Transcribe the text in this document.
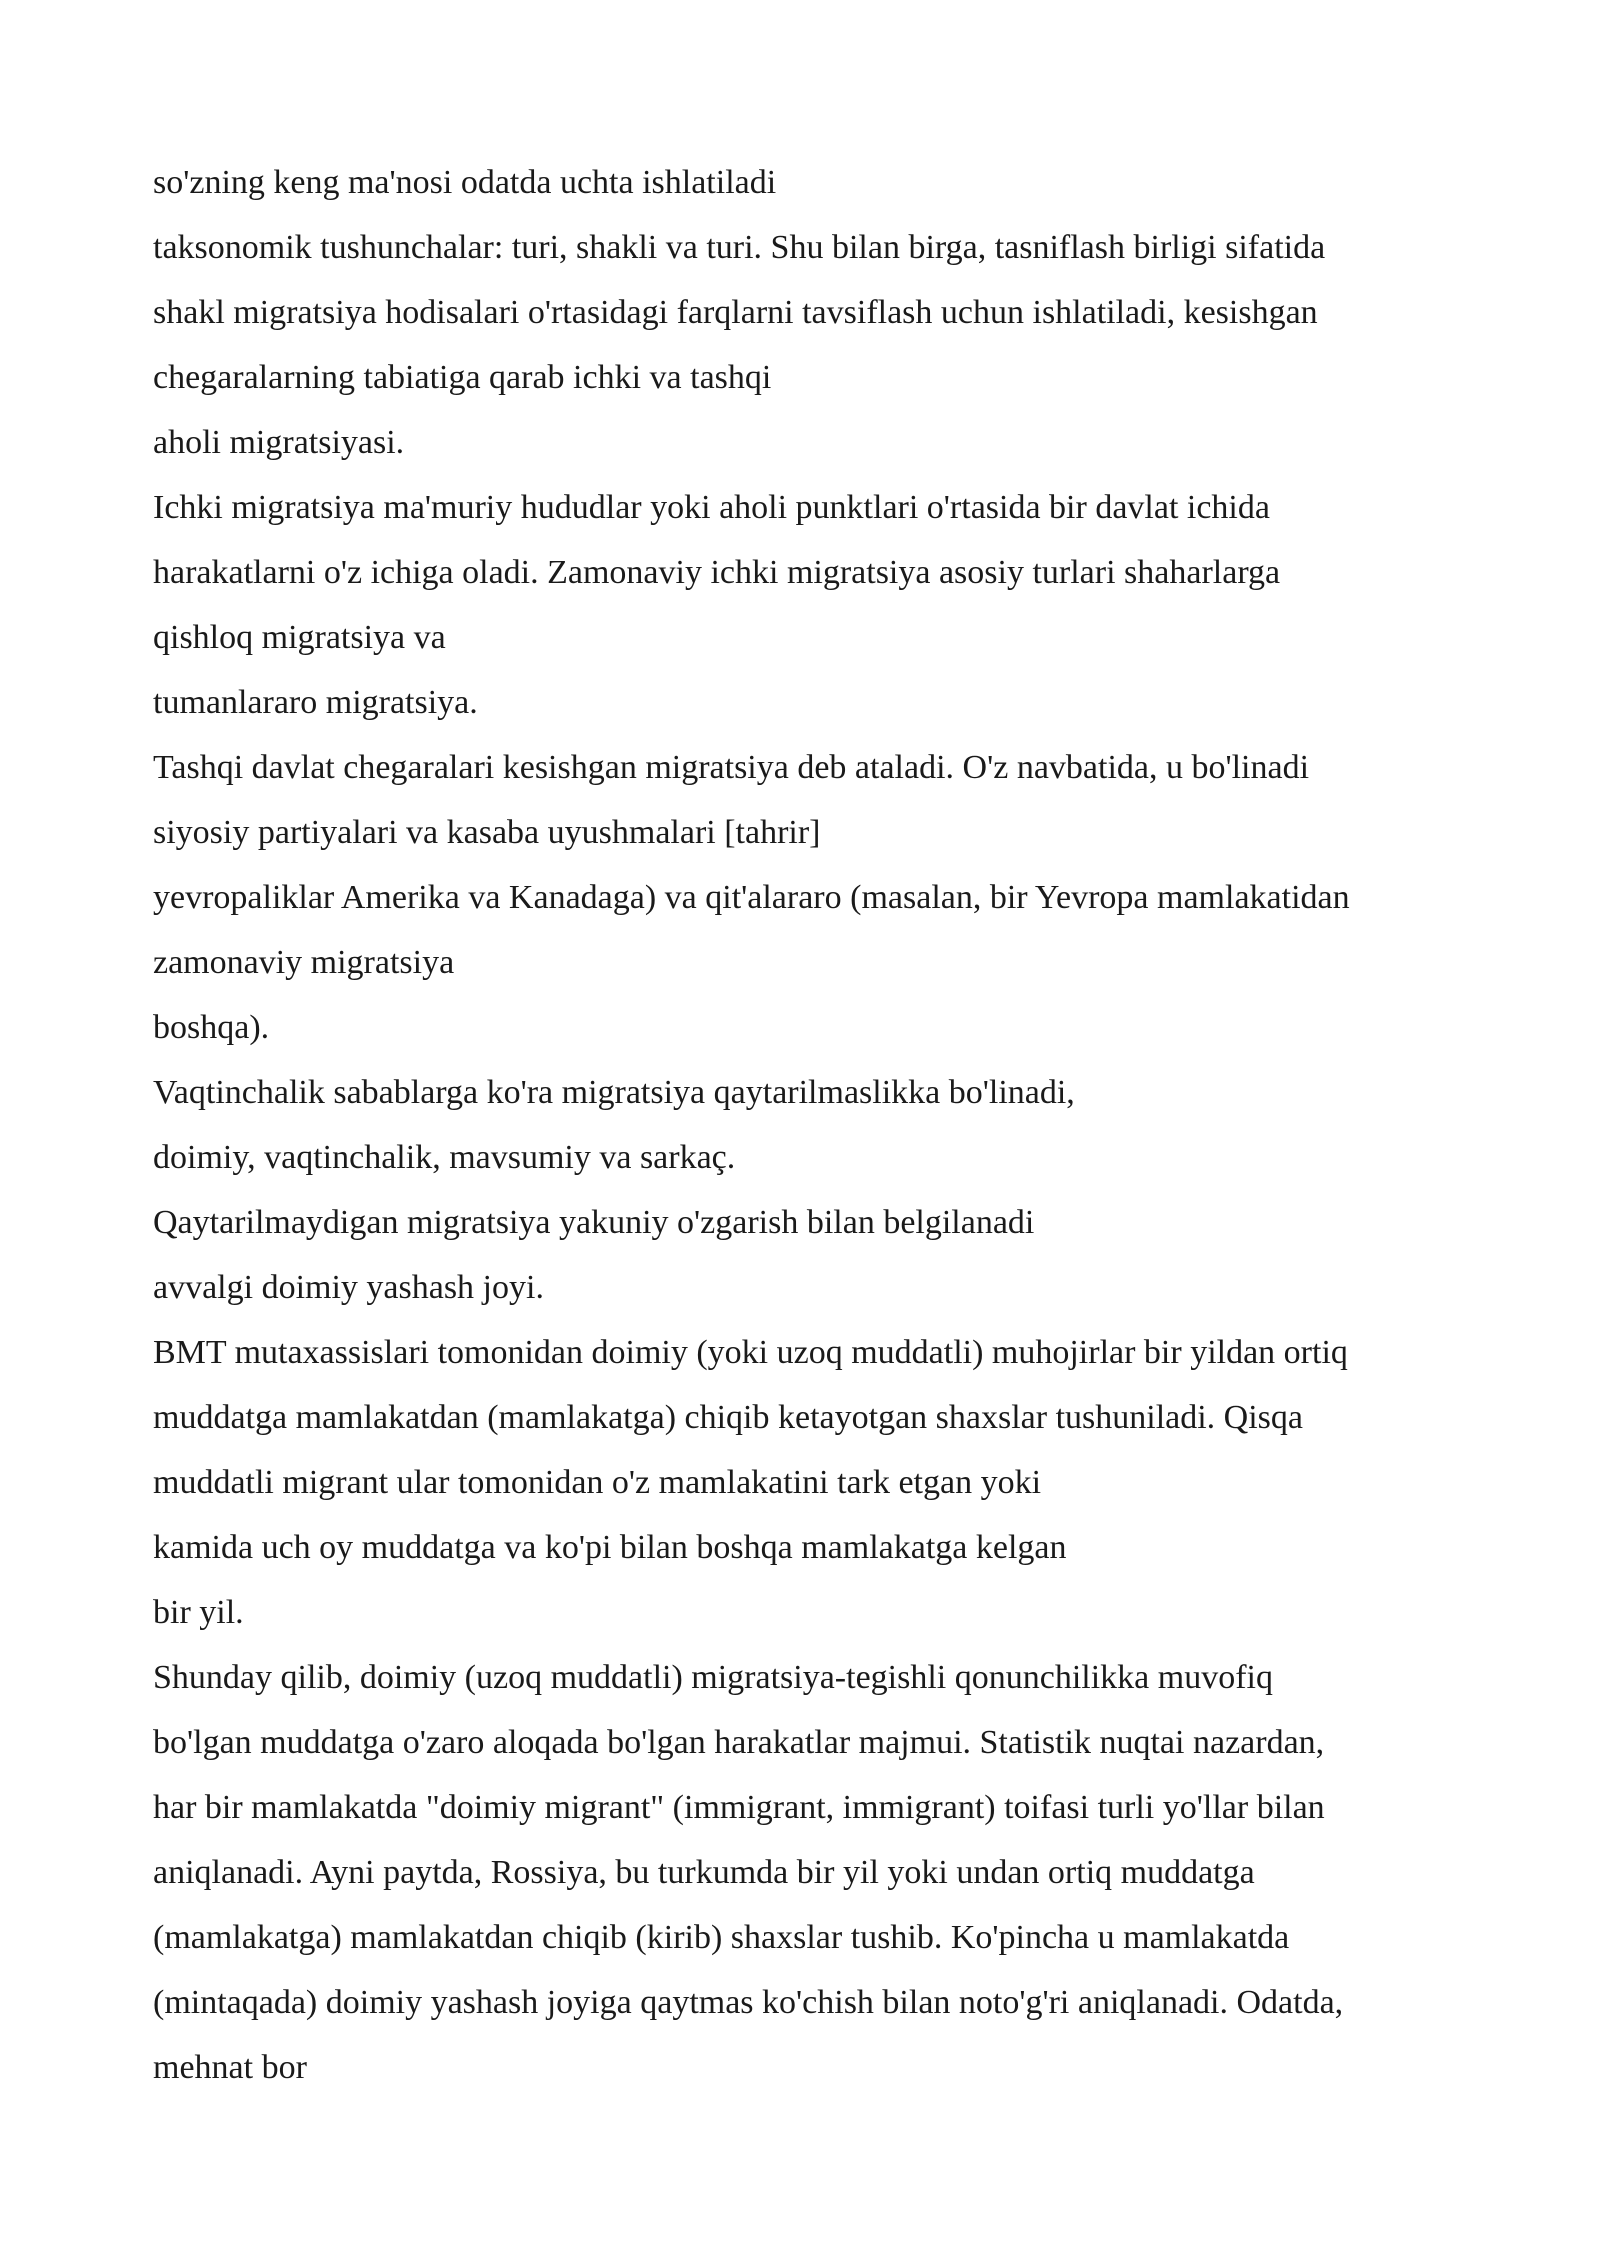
so'zning keng ma'nosi odatda uchta ishlatiladi
taksonomik tushunchalar: turi, shakli va turi. Shu bilan birga, tasniflash birligi sifatida
shakl migratsiya hodisalari o'rtasidagi farqlarni tavsiflash uchun ishlatiladi, kesishgan
chegaralarning tabiatiga qarab ichki va tashqi
aholi migratsiyasi.
Ichki migratsiya ma'muriy hududlar yoki aholi punktlari o'rtasida bir davlat ichida
harakatlarni o'z ichiga oladi. Zamonaviy ichki migratsiya asosiy turlari shaharlarga
qishloq migratsiya va
tumanlararo migratsiya.
Tashqi davlat chegaralari kesishgan migratsiya deb ataladi. O'z navbatida, u bo'linadi
siyosiy partiyalari va kasaba uyushmalari [tahrir]
yevropaliklar Amerika va Kanadaga) va qit'alararo (masalan, bir Yevropa mamlakatidan
zamonaviy migratsiya
boshqa).
Vaqtinchalik sabablarga ko'ra migratsiya qaytarilmaslikka bo'linadi,
doimiy, vaqtinchalik, mavsumiy va sarkaç.
Qaytarilmaydigan migratsiya yakuniy o'zgarish bilan belgilanadi
avvalgi doimiy yashash joyi.
BMT mutaxassislari tomonidan doimiy (yoki uzoq muddatli) muhojirlar bir yildan ortiq
muddatga mamlakatdan (mamlakatga) chiqib ketayotgan shaxslar tushuniladi. Qisqa
muddatli migrant ular tomonidan o'z mamlakatini tark etgan yoki
kamida uch oy muddatga va ko'pi bilan boshqa mamlakatga kelgan
bir yil.
Shunday qilib, doimiy (uzoq muddatli) migratsiya-tegishli qonunchilikka muvofiq
bo'lgan muddatga o'zaro aloqada bo'lgan harakatlar majmui. Statistik nuqtai nazardan,
har bir mamlakatda "doimiy migrant" (immigrant, immigrant) toifasi turli yo'llar bilan
aniqlanadi. Ayni paytda, Rossiya, bu turkumda bir yil yoki undan ortiq muddatga
(mamlakatga) mamlakatdan chiqib (kirib) shaxslar tushib. Ko'pincha u mamlakatda
(mintaqada) doimiy yashash joyiga qaytmas ko'chish bilan noto'g'ri aniqlanadi. Odatda,
mehnat bor
